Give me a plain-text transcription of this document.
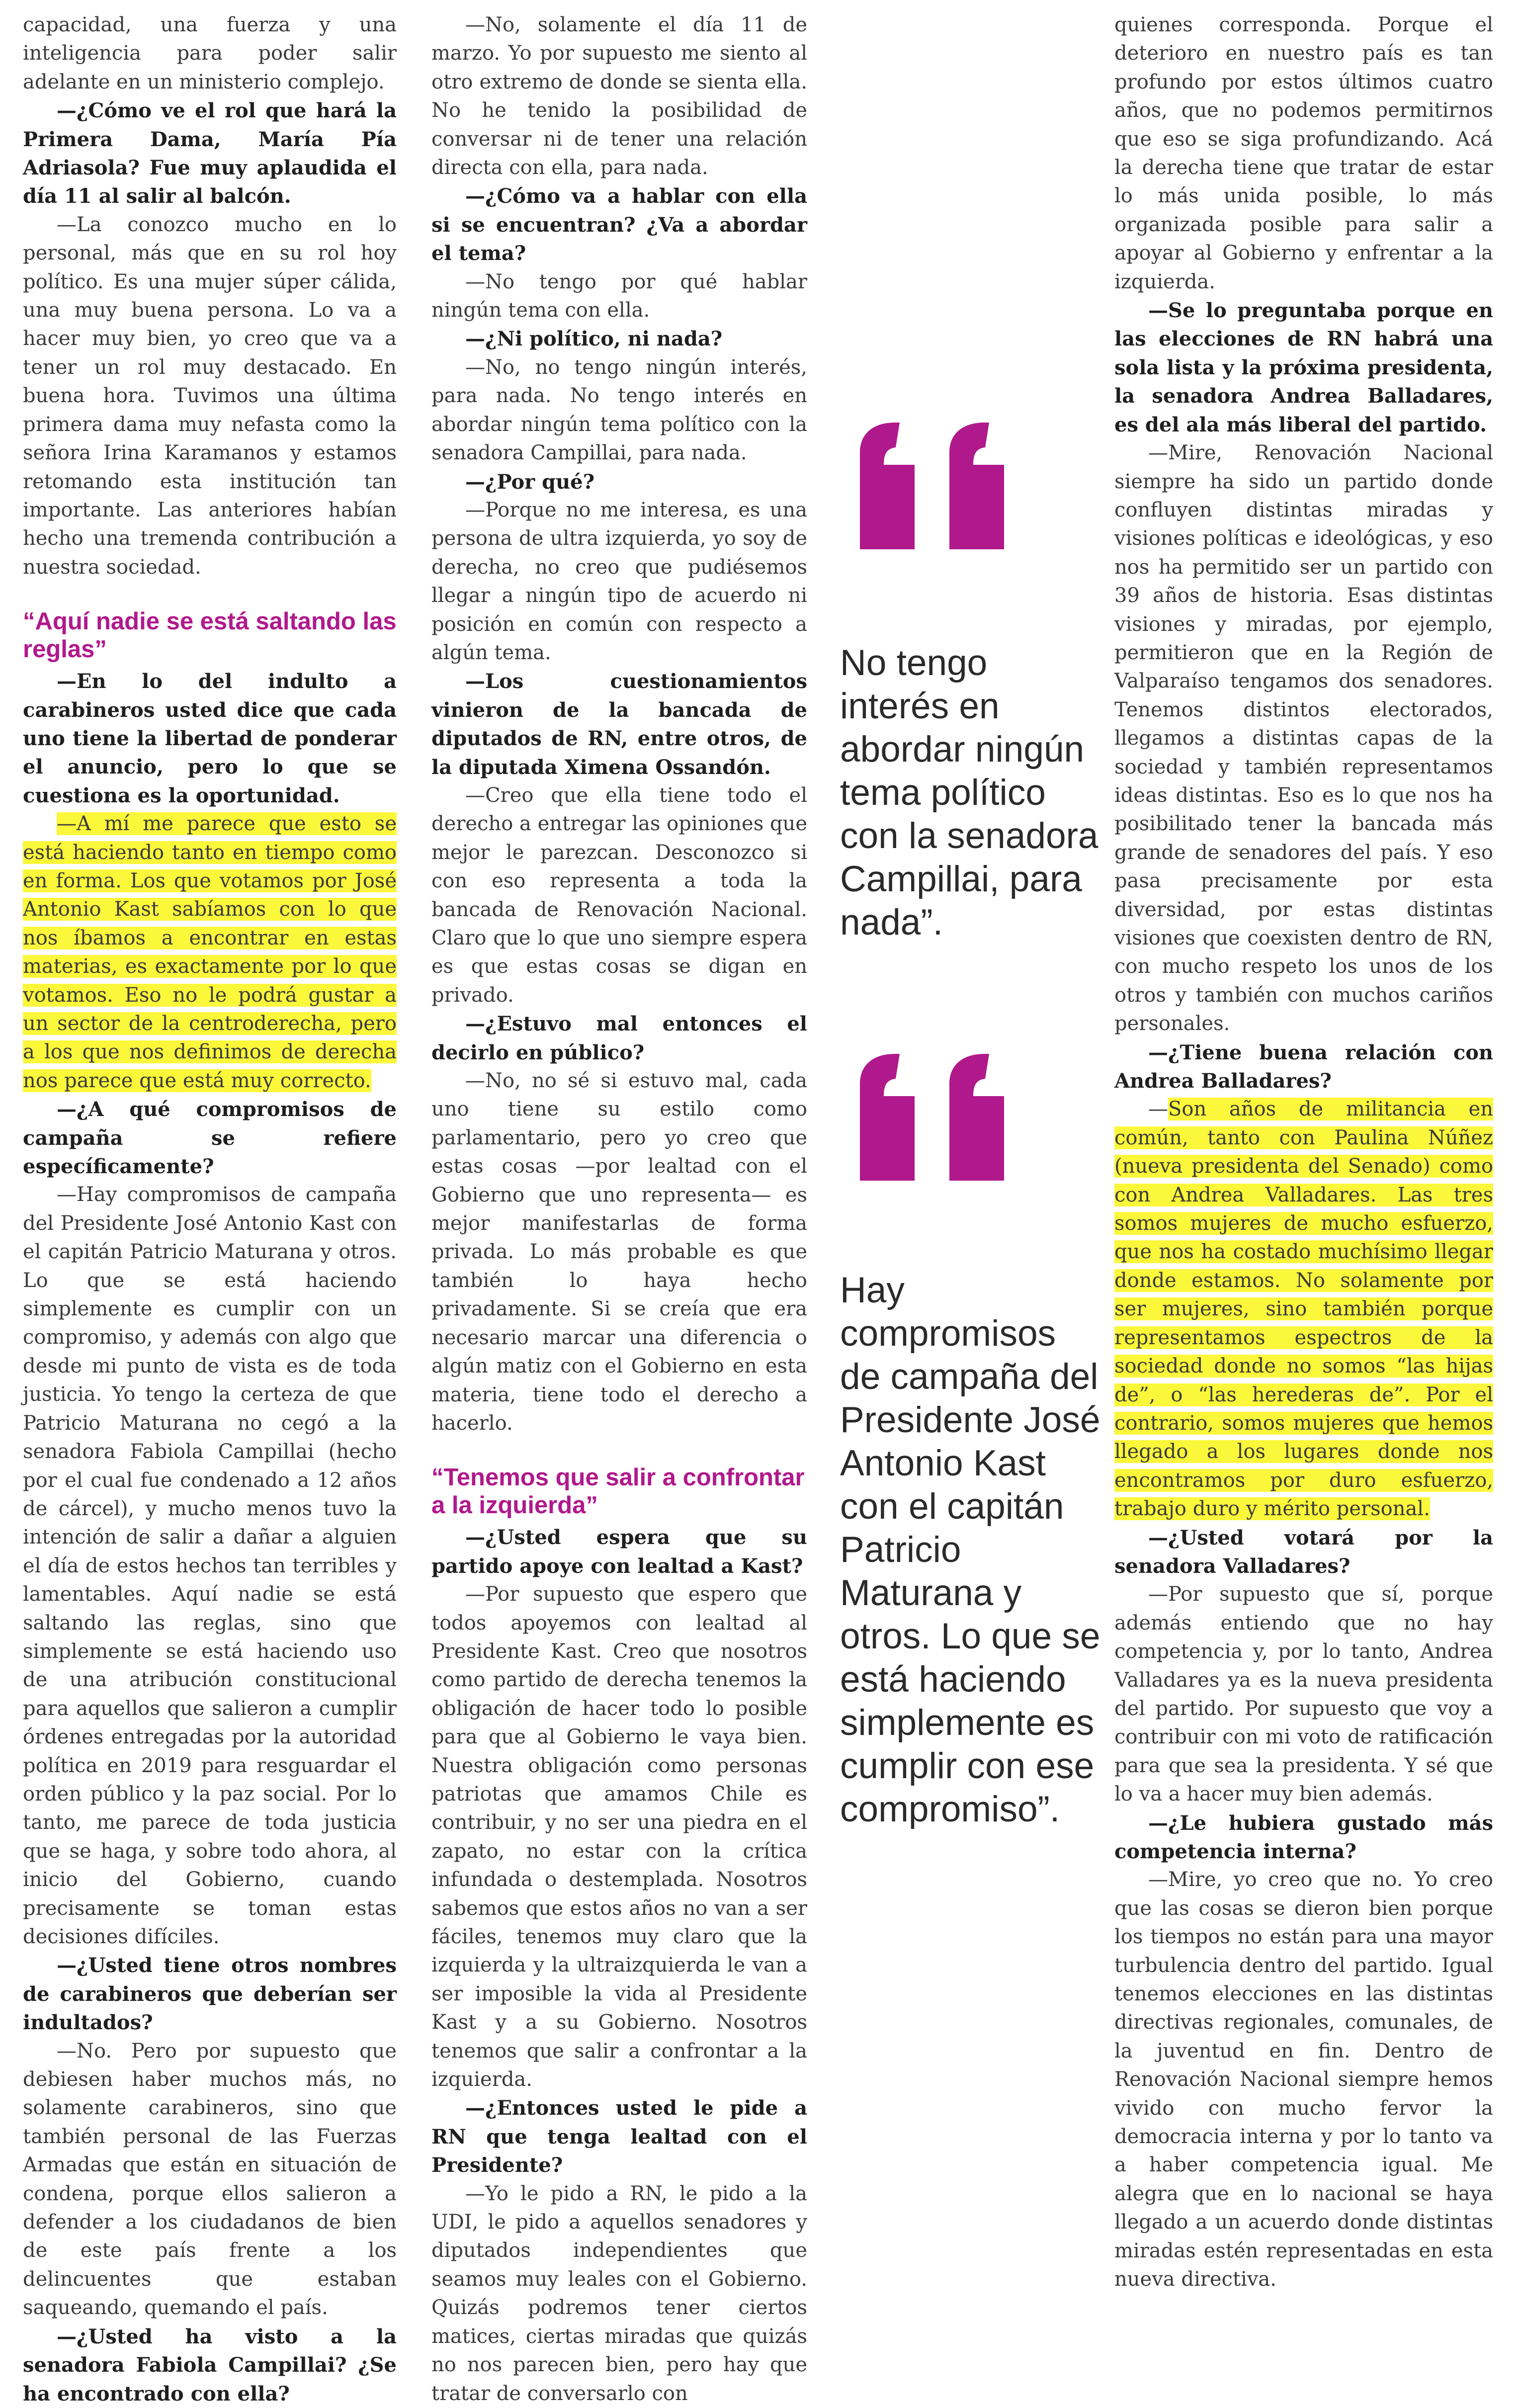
capacidad, una fuerza y una inteligencia para poder salir adelante en un ministerio complejo.

—¿Cómo ve el rol que hará la Primera Dama, María Pía Adriasola? Fue muy aplaudida el día 11 al salir al balcón.

—La conozco mucho en lo personal, más que en su rol hoy político. Es una mujer súper cálida, una muy buena persona. Lo va a hacer muy bien, yo creo que va a tener un rol muy destacado. En buena hora. Tuvimos una última primera dama muy nefasta como la señora Irina Karamanos y estamos retomando esta institución tan importante. Las anteriores habían hecho una tremenda contribución a nuestra sociedad.

“Aquí nadie se está saltando las reglas”

—En lo del indulto a carabineros usted dice que cada uno tiene la libertad de ponderar el anuncio, pero lo que se cuestiona es la oportunidad.

—A mí me parece que esto se está haciendo tanto en tiempo como en forma. Los que votamos por José Antonio Kast sabíamos con lo que nos íbamos a encontrar en estas materias, es exactamente por lo que votamos. Eso no le podrá gustar a un sector de la centroderecha, pero a los que nos definimos de derecha nos parece que está muy correcto.

—¿A qué compromisos de campaña se refiere específicamente?

—Hay compromisos de campaña del Presidente José Antonio Kast con el capitán Patricio Maturana y otros. Lo que se está haciendo simplemente es cumplir con un compromiso, y además con algo que desde mi punto de vista es de toda justicia. Yo tengo la certeza de que Patricio Maturana no cegó a la senadora Fabiola Campillai (hecho por el cual fue condenado a 12 años de cárcel), y mucho menos tuvo la intención de salir a dañar a alguien el día de estos hechos tan terribles y lamentables. Aquí nadie se está saltando las reglas, sino que simplemente se está haciendo uso de una atribución constitucional para aquellos que salieron a cumplir órdenes entregadas por la autoridad política en 2019 para resguardar el orden público y la paz social. Por lo tanto, me parece de toda justicia que se haga, y sobre todo ahora, al inicio del Gobierno, cuando precisamente se toman estas decisiones difíciles.

—¿Usted tiene otros nombres de carabineros que deberían ser indultados?

—No. Pero por supuesto que debiesen haber muchos más, no solamente carabineros, sino que también personal de las Fuerzas Armadas que están en situación de condena, porque ellos salieron a defender a los ciudadanos de bien de este país frente a los delincuentes que estaban saqueando, quemando el país.

—¿Usted ha visto a la senadora Fabiola Campillai? ¿Se ha encontrado con ella?

—No, solamente el día 11 de marzo. Yo por supuesto me siento al otro extremo de donde se sienta ella. No he tenido la posibilidad de conversar ni de tener una relación directa con ella, para nada.

—¿Cómo va a hablar con ella si se encuentran? ¿Va a abordar el tema?

—No tengo por qué hablar ningún tema con ella.

—¿Ni político, ni nada?

—No, no tengo ningún interés, para nada. No tengo interés en abordar ningún tema político con la senadora Campillai, para nada.

—¿Por qué?

—Porque no me interesa, es una persona de ultra izquierda, yo soy de derecha, no creo que pudiésemos llegar a ningún tipo de acuerdo ni posición en común con respecto a algún tema.

—Los cuestionamientos vinieron de la bancada de diputados de RN, entre otros, de la diputada Ximena Ossandón.

—Creo que ella tiene todo el derecho a entregar las opiniones que mejor le parezcan. Desconozco si con eso representa a toda la bancada de Renovación Nacional. Claro que lo que uno siempre espera es que estas cosas se digan en privado.

—¿Estuvo mal entonces el decirlo en público?

—No, no sé si estuvo mal, cada uno tiene su estilo como parlamentario, pero yo creo que estas cosas —por lealtad con el Gobierno que uno representa— es mejor manifestarlas de forma privada. Lo más probable es que también lo haya hecho privadamente. Si se creía que era necesario marcar una diferencia o algún matiz con el Gobierno en esta materia, tiene todo el derecho a hacerlo.

“Tenemos que salir a confrontar a la izquierda”

—¿Usted espera que su partido apoye con lealtad a Kast?

—Por supuesto que espero que todos apoyemos con lealtad al Presidente Kast. Creo que nosotros como partido de derecha tenemos la obligación de hacer todo lo posible para que al Gobierno le vaya bien. Nuestra obligación como personas patriotas que amamos Chile es contribuir, y no ser una piedra en el zapato, no estar con la crítica infundada o destemplada. Nosotros sabemos que estos años no van a ser fáciles, tenemos muy claro que la izquierda y la ultraizquierda le van a ser imposible la vida al Presidente Kast y a su Gobierno. Nosotros tenemos que salir a confrontar a la izquierda.

—¿Entonces usted le pide a RN que tenga lealtad con el Presidente?

—Yo le pido a RN, le pido a la UDI, le pido a aquellos senadores y diputados independientes que seamos muy leales con el Gobierno. Quizás podremos tener ciertos matices, ciertas miradas que quizás no nos parecen bien, pero hay que tratar de conversarlo con

No tengo interés en abordar ningún tema político con la senadora Campillai, para nada”.
Hay compromisos de campaña del Presidente José Antonio Kast con el capitán Patricio Maturana y otros. Lo que se está haciendo simplemente es cumplir con ese compromiso”.

quienes corresponda. Porque el deterioro en nuestro país es tan profundo por estos últimos cuatro años, que no podemos permitirnos que eso se siga profundizando. Acá la derecha tiene que tratar de estar lo más unida posible, lo más organizada posible para salir a apoyar al Gobierno y enfrentar a la izquierda.

—Se lo preguntaba porque en las elecciones de RN habrá una sola lista y la próxima presidenta, la senadora Andrea Balladares, es del ala más liberal del partido.

—Mire, Renovación Nacional siempre ha sido un partido donde confluyen distintas miradas y visiones políticas e ideológicas, y eso nos ha permitido ser un partido con 39 años de historia. Esas distintas visiones y miradas, por ejemplo, permitieron que en la Región de Valparaíso tengamos dos senadores. Tenemos distintos electorados, llegamos a distintas capas de la sociedad y también representamos ideas distintas. Eso es lo que nos ha posibilitado tener la bancada más grande de senadores del país. Y eso pasa precisamente por esta diversidad, por estas distintas visiones que coexisten dentro de RN, con mucho respeto los unos de los otros y también con muchos cariños personales.

—¿Tiene buena relación con Andrea Balladares?

—Son años de militancia en común, tanto con Paulina Núñez (nueva presidenta del Senado) como con Andrea Valladares. Las tres somos mujeres de mucho esfuerzo, que nos ha costado muchísimo llegar donde estamos. No solamente por ser mujeres, sino también porque representamos espectros de la sociedad donde no somos “las hijas de”, o “las herederas de”. Por el contrario, somos mujeres que hemos llegado a los lugares donde nos encontramos por duro esfuerzo, trabajo duro y mérito personal.

—¿Usted votará por la senadora Valladares?

—Por supuesto que sí, porque además entiendo que no hay competencia y, por lo tanto, Andrea Valladares ya es la nueva presidenta del partido. Por supuesto que voy a contribuir con mi voto de ratificación para que sea la presidenta. Y sé que lo va a hacer muy bien además.

—¿Le hubiera gustado más competencia interna?

—Mire, yo creo que no. Yo creo que las cosas se dieron bien porque los tiempos no están para una mayor turbulencia dentro del partido. Igual tenemos elecciones en las distintas directivas regionales, comunales, de la juventud en fin. Dentro de Renovación Nacional siempre hemos vivido con mucho fervor la democracia interna y por lo tanto va a haber competencia igual. Me alegra que en lo nacional se haya llegado a un acuerdo donde distintas miradas estén representadas en esta nueva directiva.
